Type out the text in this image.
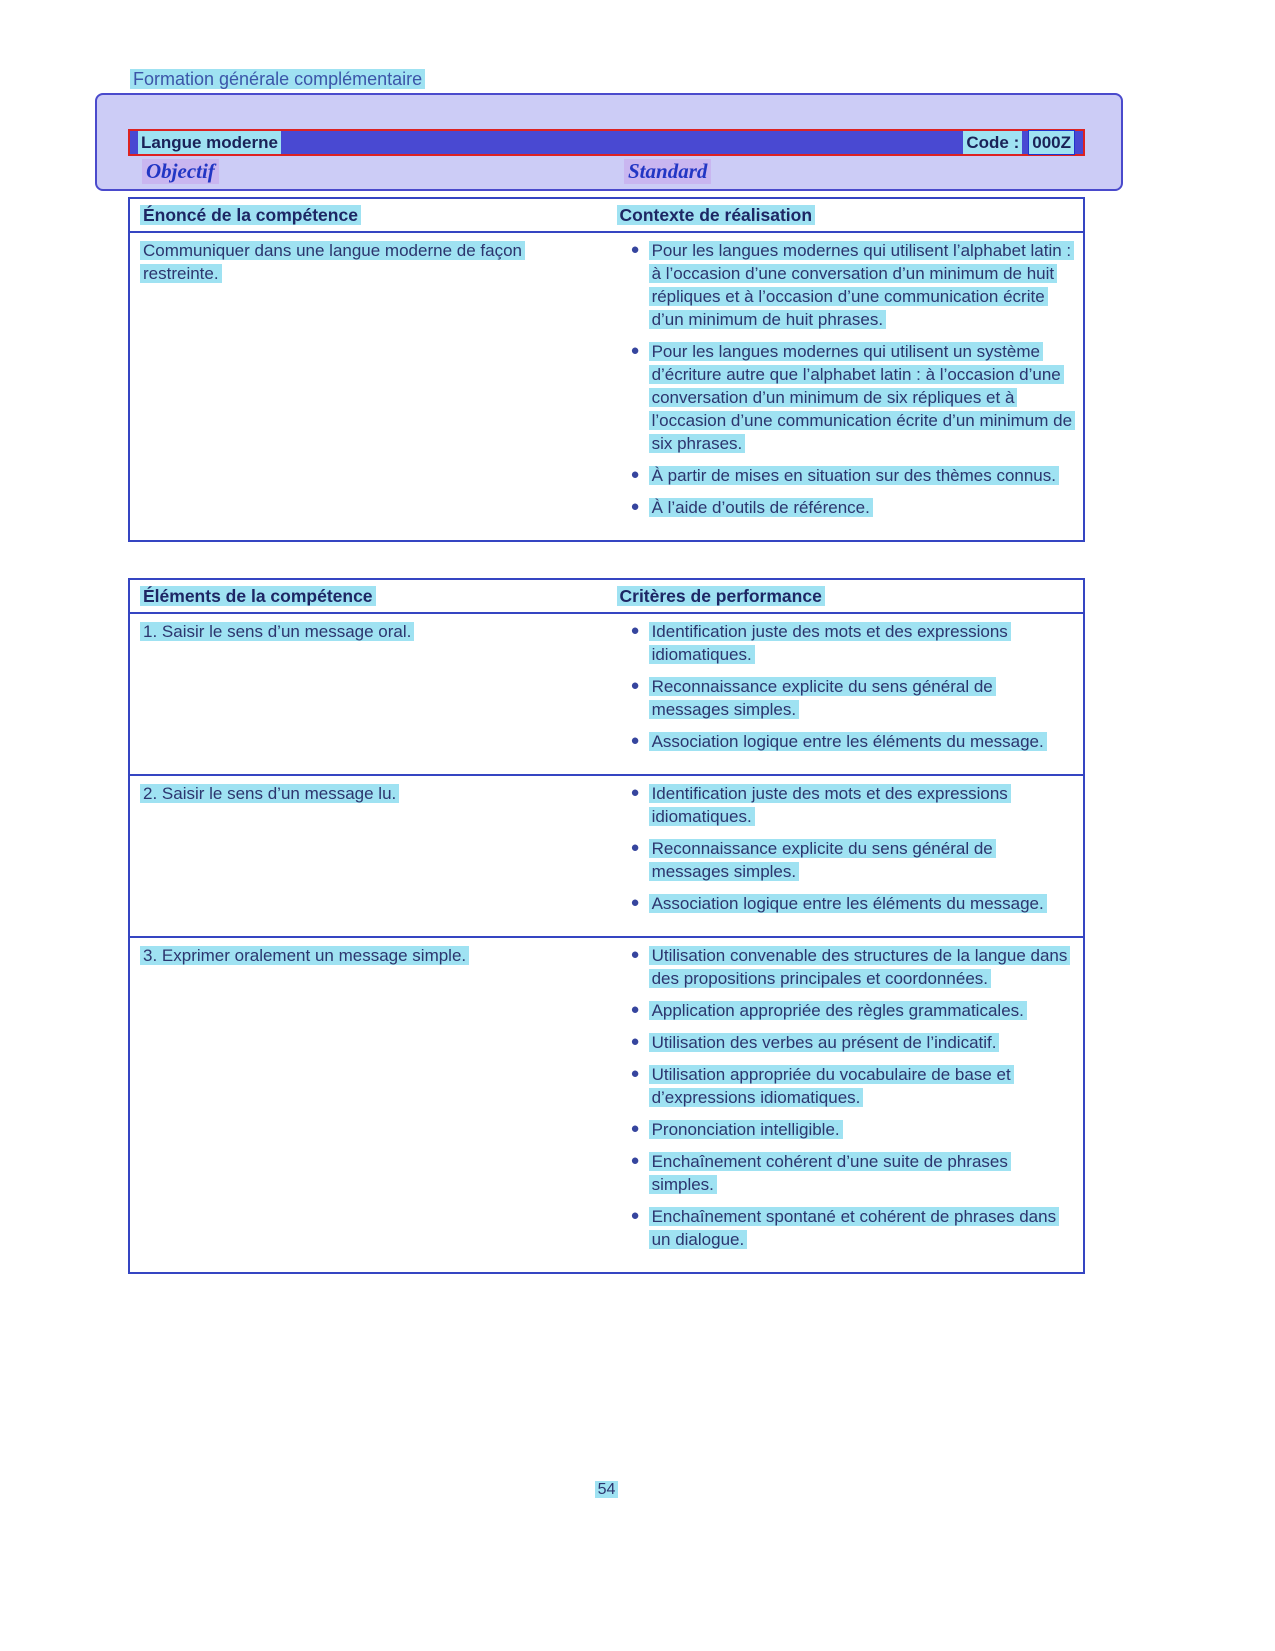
Formation générale complémentaire
Langue moderne	Code : 000Z
Objectif	Standard
Énoncé de la compétence	Contexte de réalisation
Communiquer dans une langue moderne de façon restreinte.
● Pour les langues modernes qui utilisent l’alphabet latin : à l’occasion d’une conversation d’un minimum de huit répliques et à l’occasion d’une communication écrite d’un minimum de huit phrases.
● Pour les langues modernes qui utilisent un système d’écriture autre que l’alphabet latin : à l’occasion d’une conversation d’un minimum de six répliques et à l’occasion d’une communication écrite d’un minimum de six phrases.
● À partir de mises en situation sur des thèmes connus.
● À l’aide d’outils de référence.
Éléments de la compétence	Critères de performance
1. Saisir le sens d’un message oral.	● Identification juste des mots et des expressions idiomatiques.
● Reconnaissance explicite du sens général de messages simples.
● Association logique entre les éléments du message.
2. Saisir le sens d’un message lu.	● Identification juste des mots et des expressions idiomatiques.
● Reconnaissance explicite du sens général de messages simples.
● Association logique entre les éléments du message.
3. Exprimer oralement un message simple.	● Utilisation convenable des structures de la langue dans des propositions principales et coordonnées.
● Application appropriée des règles grammaticales.
● Utilisation des verbes au présent de l’indicatif.
● Utilisation appropriée du vocabulaire de base et d’expressions idiomatiques.
● Prononciation intelligible.
● Enchaînement cohérent d’une suite de phrases simples.
● Enchaînement spontané et cohérent de phrases dans un dialogue.
54
